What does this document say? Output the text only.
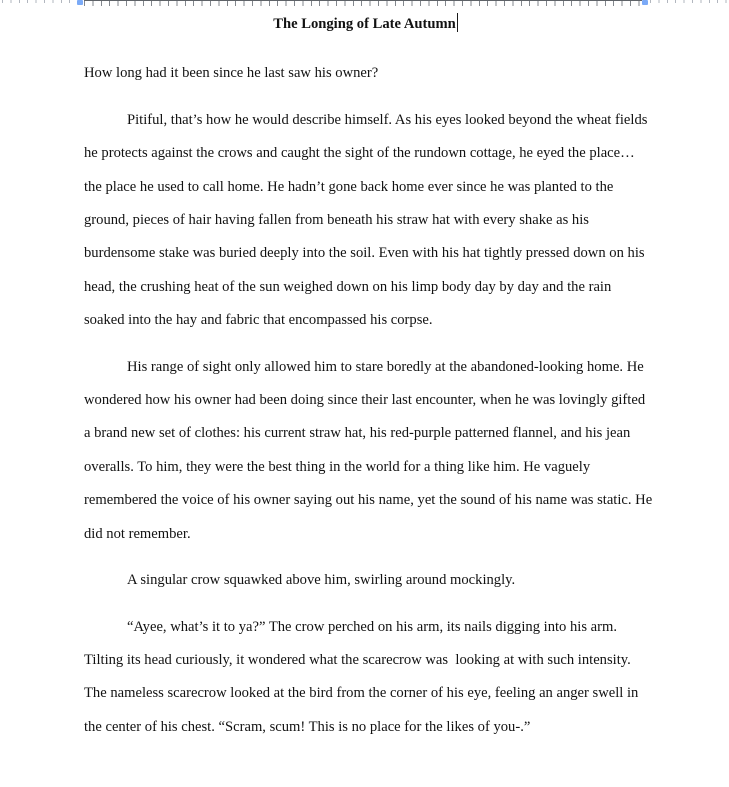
The Longing of Late Autumn
How long had it been since he last saw his owner?
Pitiful, that’s how he would describe himself. As his eyes looked beyond the wheat fields
he protects against the crows and caught the sight of the rundown cottage, he eyed the place…
the place he used to call home. He hadn’t gone back home ever since he was planted to the
ground, pieces of hair having fallen from beneath his straw hat with every shake as his
burdensome stake was buried deeply into the soil. Even with his hat tightly pressed down on his
head, the crushing heat of the sun weighed down on his limp body day by day and the rain
soaked into the hay and fabric that encompassed his corpse.
His range of sight only allowed him to stare boredly at the abandoned-looking home. He
wondered how his owner had been doing since their last encounter, when he was lovingly gifted
a brand new set of clothes: his current straw hat, his red-purple patterned flannel, and his jean
overalls. To him, they were the best thing in the world for a thing like him. He vaguely
remembered the voice of his owner saying out his name, yet the sound of his name was static. He
did not remember.
A singular crow squawked above him, swirling around mockingly.
“Ayee, what’s it to ya?” The crow perched on his arm, its nails digging into his arm.
Tilting its head curiously, it wondered what the scarecrow was  looking at with such intensity.
The nameless scarecrow looked at the bird from the corner of his eye, feeling an anger swell in
the center of his chest. “Scram, scum! This is no place for the likes of you-.”
